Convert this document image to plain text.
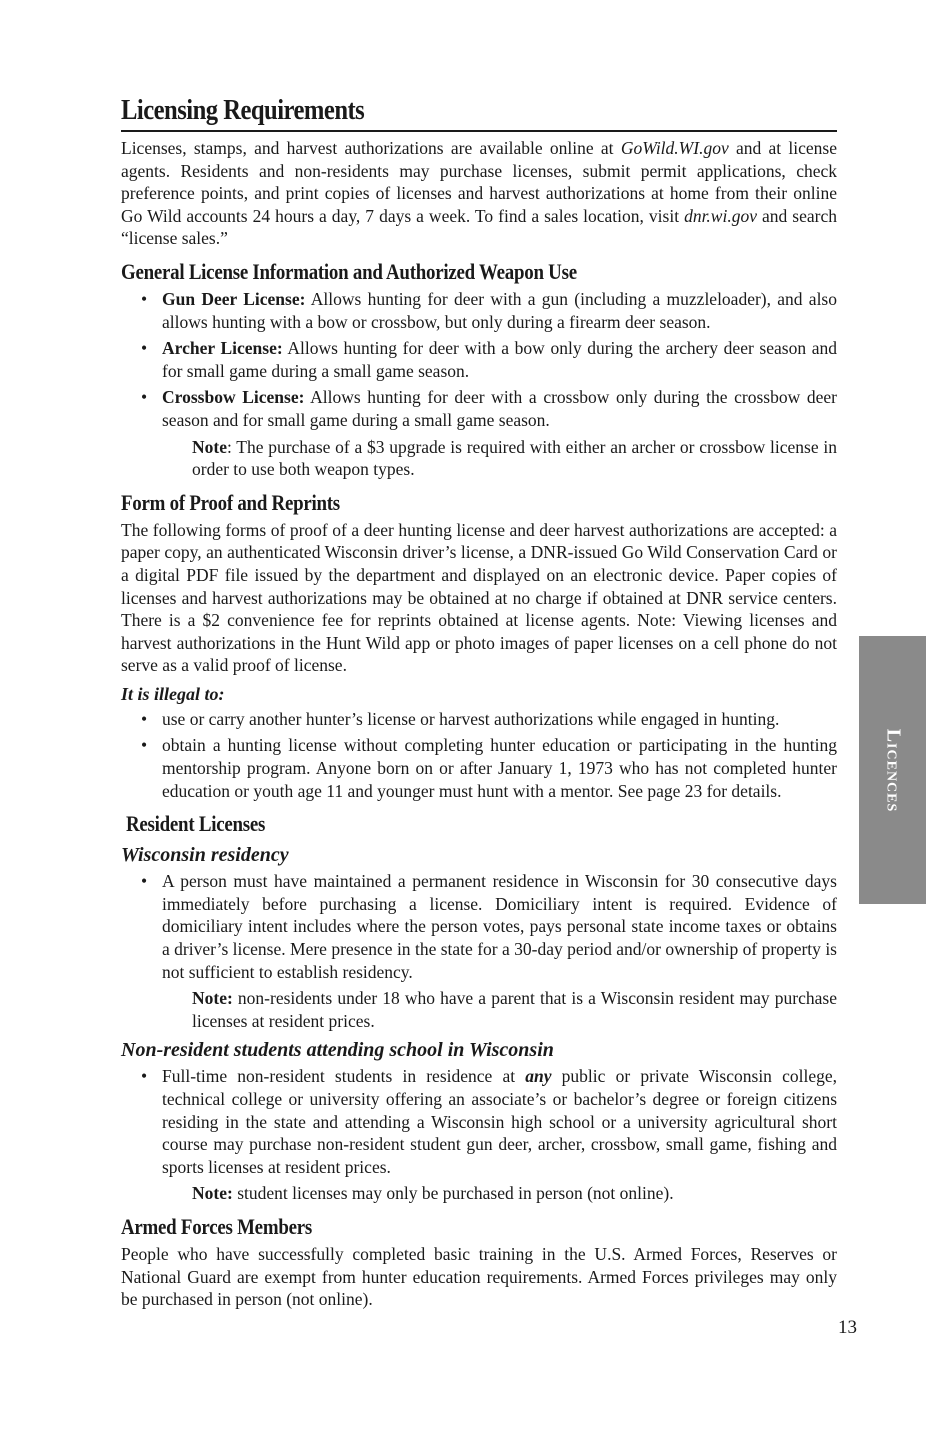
Licensing Requirements

Licenses, stamps, and harvest authorizations are available online at GoWild.WI.gov and at license agents. Residents and non-residents may purchase licenses, submit permit applications, check preference points, and print copies of licenses and harvest authorizations at home from their online Go Wild accounts 24 hours a day, 7 days a week. To find a sales location, visit dnr.wi.gov and search “license sales.”

General License Information and Authorized Weapon Use
• Gun Deer License: Allows hunting for deer with a gun (including a muzzleloader), and also allows hunting with a bow or crossbow, but only during a firearm deer season.
• Archer License: Allows hunting for deer with a bow only during the archery deer season and for small game during a small game season.
• Crossbow License: Allows hunting for deer with a crossbow only during the crossbow deer season and for small game during a small game season.
Note: The purchase of a $3 upgrade is required with either an archer or crossbow license in order to use both weapon types.
Form of Proof and Reprints

The following forms of proof of a deer hunting license and deer harvest authorizations are accepted: a paper copy, an authenticated Wisconsin driver’s license, a DNR-issued Go Wild Conservation Card or a digital PDF file issued by the department and displayed on an electronic device. Paper copies of licenses and harvest authorizations may be obtained at no charge if obtained at DNR service centers. There is a $2 convenience fee for reprints obtained at license agents. Note: Viewing licenses and harvest authorizations in the Hunt Wild app or photo images of paper licenses on a cell phone do not serve as a valid proof of license.

It is illegal to:
• use or carry another hunter’s license or harvest authorizations while engaged in hunting.
• obtain a hunting license without completing hunter education or participating in the hunting mentorship program. Anyone born on or after January 1, 1973 who has not completed hunter education or youth age 11 and younger must hunt with a mentor. See page 23 for details.
Resident Licenses
Wisconsin residency
• A person must have maintained a permanent residence in Wisconsin for 30 consecutive days immediately before purchasing a license. Domiciliary intent is required. Evidence of domiciliary intent includes where the person votes, pays personal state income taxes or obtains a driver’s license. Mere presence in the state for a 30-day period and/or ownership of property is not sufficient to establish residency.
Note: non-residents under 18 who have a parent that is a Wisconsin resident may purchase licenses at resident prices.
Non-resident students attending school in Wisconsin
• Full-time non-resident students in residence at any public or private Wisconsin college, technical college or university offering an associate’s or bachelor’s degree or foreign citizens residing in the state and attending a Wisconsin high school or a university agricultural short course may purchase non-resident student gun deer, archer, crossbow, small game, fishing and sports licenses at resident prices.
Note: student licenses may only be purchased in person (not online).
Armed Forces Members

People who have successfully completed basic training in the U.S. Armed Forces, Reserves or National Guard are exempt from hunter education requirements. Armed Forces privileges may only be purchased in person (not online).

Licences
13
